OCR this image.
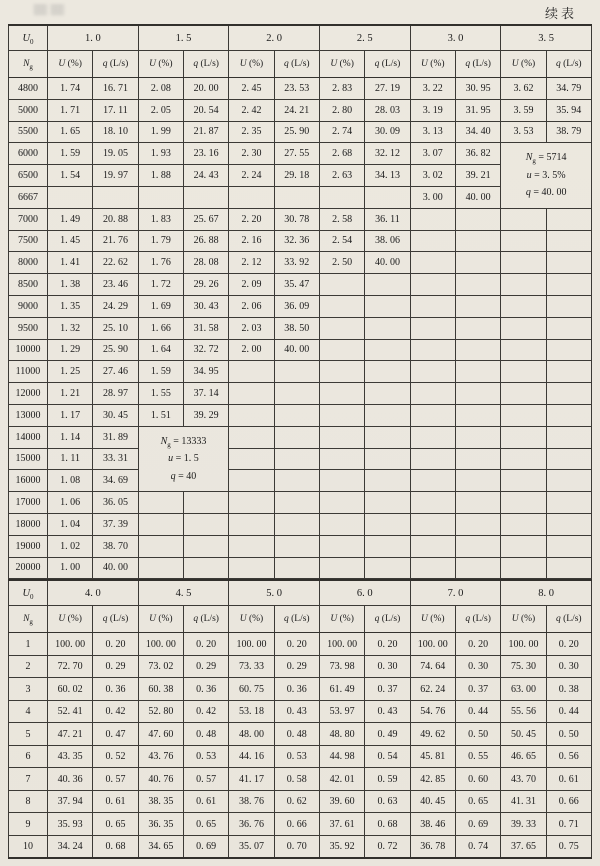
续表
$U_0$	1. 0		1. 5		2. 0		2. 5		3. 0		3. 5	
$N_g$	U (%)	q (L/s)	U (%)	q (L/s)	U (%)	q (L/s)	U (%)	q (L/s)	U (%)	q (L/s)	U (%)	q (L/s)
4800	1. 74	16. 71	2. 08	20. 00	2. 45	23. 53	2. 83	27. 19	3. 22	30. 95	3. 62	34. 79
5000	1. 71	17. 11	2. 05	20. 54	2. 42	24. 21	2. 80	28. 03	3. 19	31. 95	3. 59	35. 94
5500	1. 65	18. 10	1. 99	21. 87	2. 35	25. 90	2. 74	30. 09	3. 13	34. 40	3. 53	38. 79
6000	1. 59	19. 05	1. 93	23. 16	2. 30	27. 55	2. 68	32. 12	3. 07	36. 82	$N_g = 5714$
u = 3. 5%
q = 40. 00	

6500	1. 54	19. 97	1. 88	24. 43	2. 24	29. 18	2. 63	34. 13	3. 02	39. 21		
6667									3. 00	40. 00		
7000	1. 49	20. 88	1. 83	25. 67	2. 20	30. 78	2. 58	36. 11				
7500	1. 45	21. 76	1. 79	26. 88	2. 16	32. 36	2. 54	38. 06				
8000	1. 41	22. 62	1. 76	28. 08	2. 12	33. 92	2. 50	40. 00				
8500	1. 38	23. 46	1. 72	29. 26	2. 09	35. 47						
9000	1. 35	24. 29	1. 69	30. 43	2. 06	36. 09						
9500	1. 32	25. 10	1. 66	31. 58	2. 03	38. 50						
10000	1. 29	25. 90	1. 64	32. 72	2. 00	40. 00						
11000	1. 25	27. 46	1. 59	34. 95								
12000	1. 21	28. 97	1. 55	37. 14								
13000	1. 17	30. 45	1. 51	39. 29								
14000	1. 14	31. 89	$N_g = 13333$
u = 1. 5
q = 40									

15000	1. 11	33. 31										
16000	1. 08	34. 69										
17000	1. 06	36. 05										
18000	1. 04	37. 39										
19000	1. 02	38. 70										
20000	1. 00	40. 00										
$U_0$	4. 0		4. 5		5. 0		6. 0		7. 0		8. 0	
$N_g$	U (%)	q (L/s)	U (%)	q (L/s)	U (%)	q (L/s)	U (%)	q (L/s)	U (%)	q (L/s)	U (%)	q (L/s)
1	100. 00	0. 20	100. 00	0. 20	100. 00	0. 20	100. 00	0. 20	100. 00	0. 20	100. 00	0. 20
2	72. 70	0. 29	73. 02	0. 29	73. 33	0. 29	73. 98	0. 30	74. 64	0. 30	75. 30	0. 30
3	60. 02	0. 36	60. 38	0. 36	60. 75	0. 36	61. 49	0. 37	62. 24	0. 37	63. 00	0. 38
4	52. 41	0. 42	52. 80	0. 42	53. 18	0. 43	53. 97	0. 43	54. 76	0. 44	55. 56	0. 44
5	47. 21	0. 47	47. 60	0. 48	48. 00	0. 48	48. 80	0. 49	49. 62	0. 50	50. 45	0. 50
6	43. 35	0. 52	43. 76	0. 53	44. 16	0. 53	44. 98	0. 54	45. 81	0. 55	46. 65	0. 56
7	40. 36	0. 57	40. 76	0. 57	41. 17	0. 58	42. 01	0. 59	42. 85	0. 60	43. 70	0. 61
8	37. 94	0. 61	38. 35	0. 61	38. 76	0. 62	39. 60	0. 63	40. 45	0. 65	41. 31	0. 66
9	35. 93	0. 65	36. 35	0. 65	36. 76	0. 66	37. 61	0. 68	38. 46	0. 69	39. 33	0. 71
10	34. 24	0. 68	34. 65	0. 69	35. 07	0. 70	35. 92	0. 72	36. 78	0. 74	37. 65	0. 75
